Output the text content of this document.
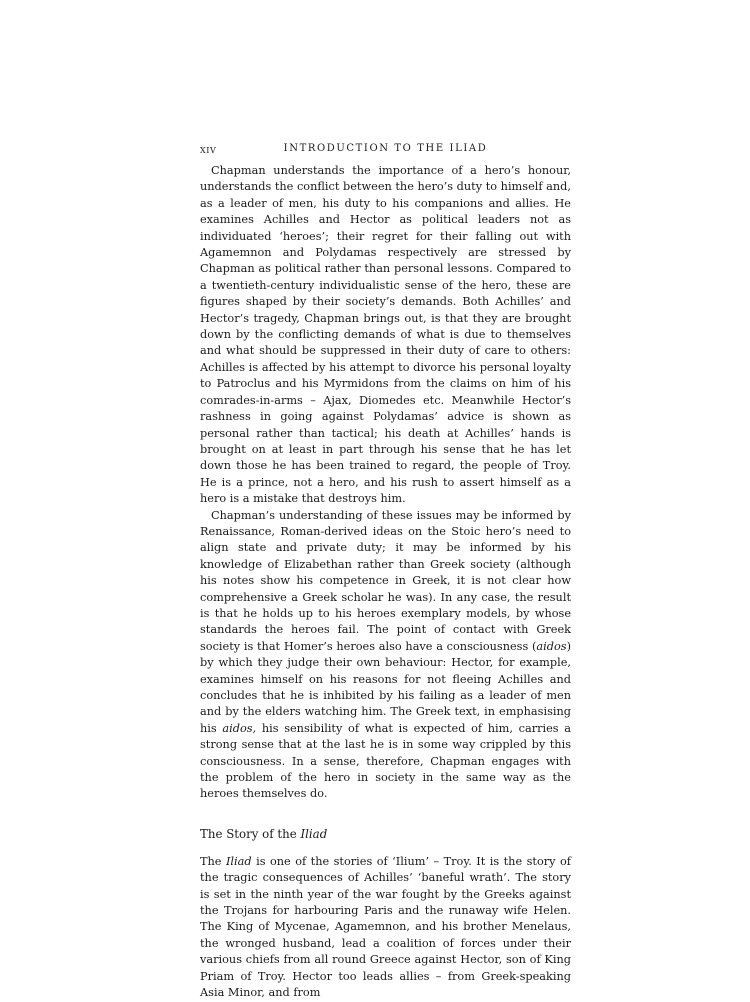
xiv	INTRODUCTION TO THE ILIAD

Chapman understands the importance of a hero’s honour, understands the conflict between the hero’s duty to himself and, as a leader of men, his duty to his companions and allies. He examines Achilles and Hector as political leaders not as individuated ‘heroes’; their regret for their falling out with Agamemnon and Polydamas respectively are stressed by Chapman as political rather than personal lessons. Compared to a twentieth-century individualistic sense of the hero, these are figures shaped by their society’s demands. Both Achilles’ and Hector’s tragedy, Chapman brings out, is that they are brought down by the conflicting demands of what is due to themselves and what should be suppressed in their duty of care to others: Achilles is affected by his attempt to divorce his personal loyalty to Patroclus and his Myrmidons from the claims on him of his comrades-in-arms – Ajax, Diomedes etc. Meanwhile Hector’s rashness in going against Polydamas’ advice is shown as personal rather than tactical; his death at Achilles’ hands is brought on at least in part through his sense that he has let down those he has been trained to regard, the people of Troy. He is a prince, not a hero, and his rush to assert himself as a hero is a mistake that destroys him.

Chapman’s understanding of these issues may be informed by Renaissance, Roman-derived ideas on the Stoic hero’s need to align state and private duty; it may be informed by his knowledge of Elizabethan rather than Greek society (although his notes show his competence in Greek, it is not clear how comprehensive a Greek scholar he was). In any case, the result is that he holds up to his heroes exemplary models, by whose standards the heroes fail. The point of contact with Greek society is that Homer’s heroes also have a consciousness (aidos) by which they judge their own behaviour: Hector, for example, examines himself on his reasons for not fleeing Achilles and concludes that he is inhibited by his failing as a leader of men and by the elders watching him. The Greek text, in emphasising his aidos, his sensibility of what is expected of him, carries a strong sense that at the last he is in some way crippled by this consciousness. In a sense, therefore, Chapman engages with the problem of the hero in society in the same way as the heroes themselves do.

The Story of the Iliad

The Iliad is one of the stories of ‘Ilium’ – Troy. It is the story of the tragic consequences of Achilles’ ‘baneful wrath’. The story is set in the ninth year of the war fought by the Greeks against the Trojans for harbouring Paris and the runaway wife Helen. The King of Mycenae, Agamemnon, and his brother Menelaus, the wronged husband, lead a coalition of forces under their various chiefs from all round Greece against Hector, son of King Priam of Troy. Hector too leads allies – from Greek-speaking Asia Minor, and from
